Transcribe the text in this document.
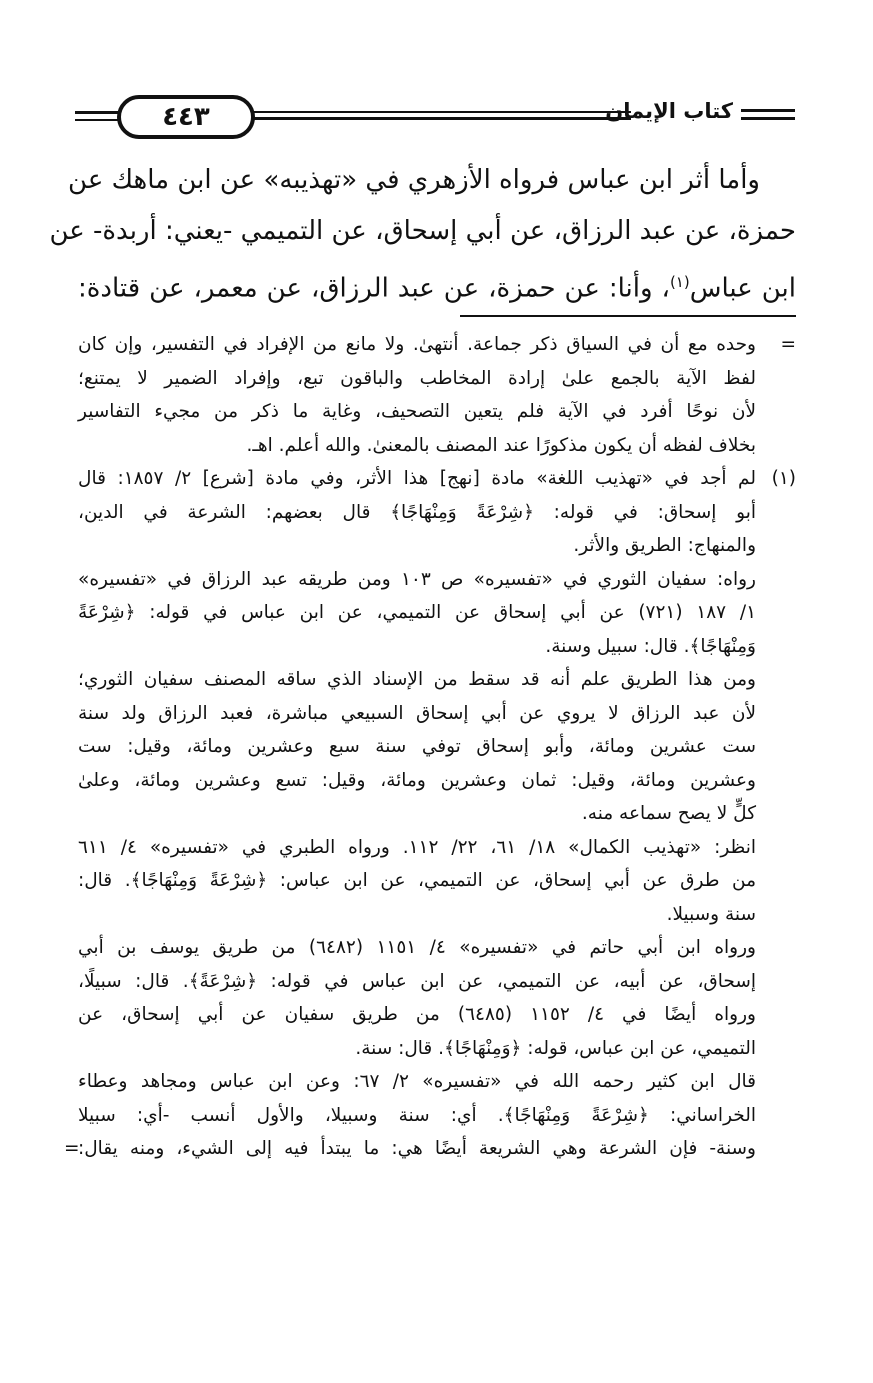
٤٤٣	كتاب الإيمان
وأما أثر ابن عباس فرواه الأزهري في «تهذيبه» عن ابن ماهك عن
حمزة، عن عبد الرزاق، عن أبي إسحاق، عن التميمي -يعني: أربدة- عن
ابن عباس$^{(١)}$، وأنا: عن حمزة، عن عبد الرزاق، عن معمر، عن قتادة:
=
وحده مع أن في السياق ذكر جماعة. أنتهىٰ. ولا مانع من الإفراد في التفسير، وإن كان
لفظ الآية بالجمع علىٰ إرادة المخاطب والباقون تبع، وإفراد الضمير لا يمتنع؛
لأن نوحًا أفرد في الآية فلم يتعين التصحيف، وغاية ما ذكر من مجيء التفاسير
بخلاف لفظه أن يكون مذكورًا عند المصنف بالمعنىٰ. والله أعلم. اهـ.
(١)
لم أجد في «تهذيب اللغة» مادة [نهج] هذا الأثر، وفي مادة [شرع] ٢/ ١٨٥٧: قال
أبو إسحاق: في قوله: ﴿شِرْعَةً وَمِنْهَاجًا﴾ قال بعضهم: الشرعة في الدين،
والمنهاج: الطريق والأثر.
رواه: سفيان الثوري في «تفسيره» ص ١٠٣ ومن طريقه عبد الرزاق في «تفسيره»
١/ ١٨٧ (٧٢١) عن أبي إسحاق عن التميمي، عن ابن عباس في قوله: ﴿شِرْعَةً
وَمِنْهَاجًا﴾. قال: سبيل وسنة.
ومن هذا الطريق علم أنه قد سقط من الإسناد الذي ساقه المصنف سفيان الثوري؛
لأن عبد الرزاق لا يروي عن أبي إسحاق السبيعي مباشرة، فعبد الرزاق ولد سنة
ست عشرين ومائة، وأبو إسحاق توفي سنة سبع وعشرين ومائة، وقيل: ست
وعشرين ومائة، وقيل: ثمان وعشرين ومائة، وقيل: تسع وعشرين ومائة، وعلىٰ
كلٍّ لا يصح سماعه منه.
انظر: «تهذيب الكمال» ١٨/ ٦١، ٢٢/ ١١٢. ورواه الطبري في «تفسيره» ٤/ ٦١١
من طرق عن أبي إسحاق، عن التميمي، عن ابن عباس: ﴿شِرْعَةً وَمِنْهَاجًا﴾. قال:
سنة وسبيلا.
ورواه ابن أبي حاتم في «تفسيره» ٤/ ١١٥١ (٦٤٨٢) من طريق يوسف بن أبي
إسحاق، عن أبيه، عن التميمي، عن ابن عباس في قوله: ﴿شِرْعَةً﴾. قال: سبيلًا،
ورواه أيضًا في ٤/ ١١٥٢ (٦٤٨٥) من طريق سفيان عن أبي إسحاق، عن
التميمي، عن ابن عباس، قوله: ﴿وَمِنْهَاجًا﴾. قال: سنة.
قال ابن كثير رحمه الله في «تفسيره» ٢/ ٦٧: وعن ابن عباس ومجاهد وعطاء
الخراساني: ﴿شِرْعَةً وَمِنْهَاجًا﴾. أي: سنة وسبيلا، والأول أنسب -أي: سبيلا
وسنة- فإن الشرعة وهي الشريعة أيضًا هي: ما يبتدأ فيه إلى الشيء، ومنه يقال:
=
